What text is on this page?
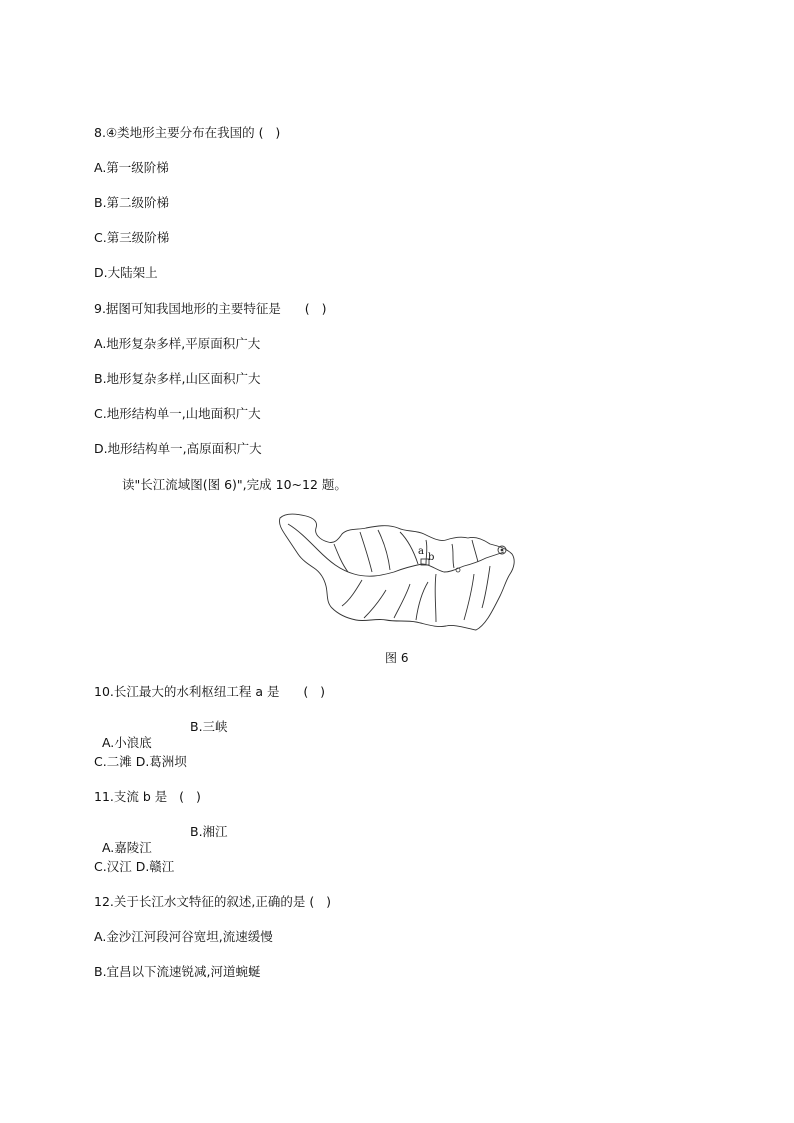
8.④类地形主要分布在我国的 (   )
A.第一级阶梯
B.第二级阶梯
C.第三级阶梯
D.大陆架上
9.据图可知我国地形的主要特征是      (   )
A.地形复杂多样,平原面积广大
B.地形复杂多样,山区面积广大
C.地形结构单一,山地面积广大
D.地形结构单一,高原面积广大
读"长江流域图(图 6)",完成 10~12 题。
a
b
图 6
10.长江最大的水利枢纽工程 a 是      (   )

A.小浪底

B.三峡

C.二滩 D.葛洲坝
11.支流 b 是   (   )

A.嘉陵江

B.湘江

C.汉江 D.赣江
12.关于长江水文特征的叙述,正确的是 (   )
A.金沙江河段河谷宽坦,流速缓慢
B.宜昌以下流速锐减,河道蜿蜒
